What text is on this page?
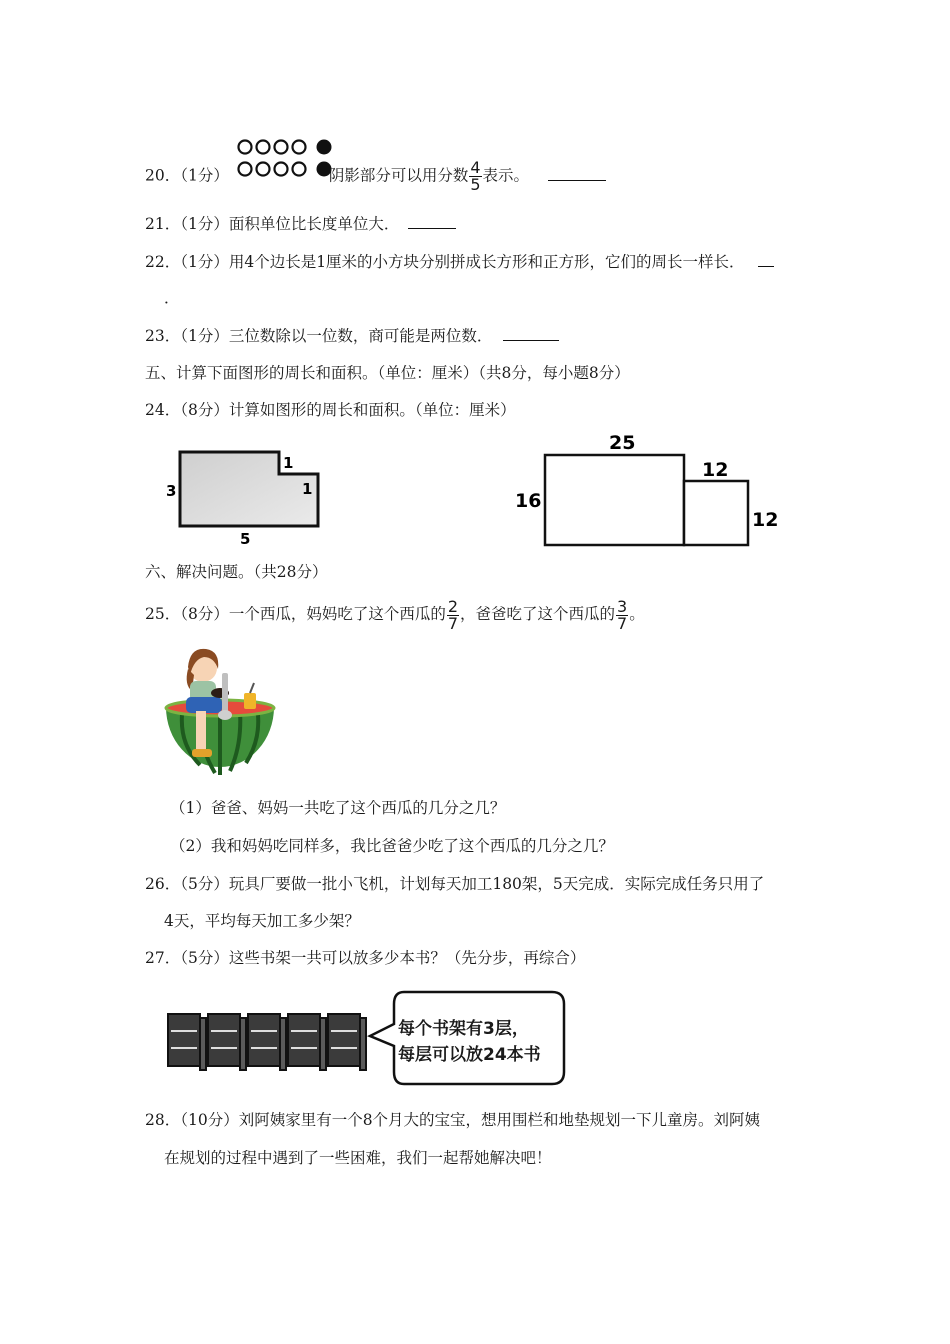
20．（1分）	阴影部分可以用分数 $\frac{4}{5}$ 表示。
21．（1分）面积单位比长度单位大．
22．（1分）用4个边长是1厘米的小方块分别拼成长方形和正方形，它们的周长一样长．
．
23．（1分）三位数除以一位数，商可能是两位数．
五、计算下面图形的周长和面积。（单位：厘米）（共8分，每小题8分）
24．（8分）计算如图形的周长和面积。（单位：厘米）
3
1
1
5
25
16
12
12
六、解决问题。（共28分）
25．（8分）一个西瓜，妈妈吃了这个西瓜的 $\frac{2}{7}$ ，爸爸吃了这个西瓜的 $\frac{3}{7}$ 。
（1）爸爸、妈妈一共吃了这个西瓜的几分之几？
（2）我和妈妈吃同样多，我比爸爸少吃了这个西瓜的几分之几？
26．（5分）玩具厂要做一批小飞机，计划每天加工180架，5天完成．实际完成任务只用了
4天，平均每天加工多少架？
27．（5分）这些书架一共可以放多少本书？（先分步，再综合）
每个书架有3层，
每层可以放24本书
28．（10分）刘阿姨家里有一个8个月大的宝宝，想用围栏和地垫规划一下儿童房。刘阿姨
在规划的过程中遇到了一些困难，我们一起帮她解决吧！
